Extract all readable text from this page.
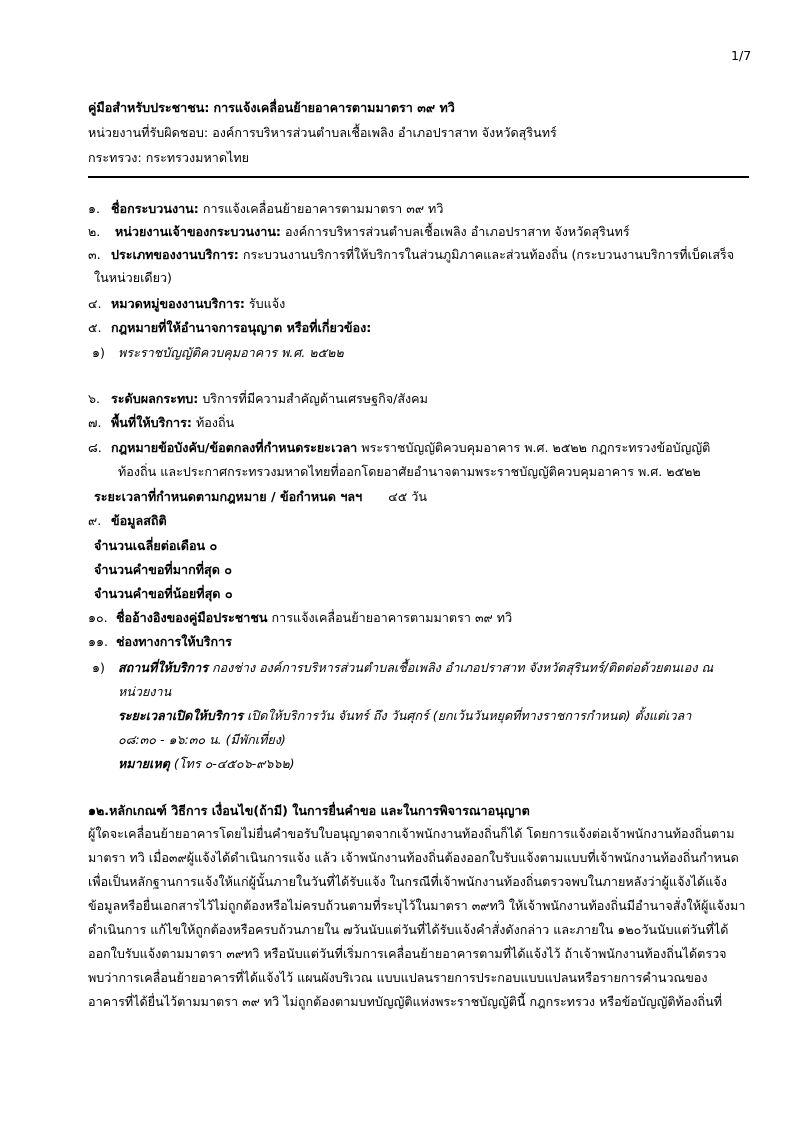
1/7
คู่มือสำหรับประชาชน: การแจ้งเคลื่อนย้ายอาคารตามมาตรา ๓๙ ทวิ
หน่วยงานที่รับผิดชอบ: องค์การบริหารส่วนตำบลเชื้อเพลิง อำเภอปราสาท จังหวัดสุรินทร์
กระทรวง: กระทรวงมหาดไทย
๑. ชื่อกระบวนงาน: การแจ้งเคลื่อนย้ายอาคารตามมาตรา ๓๙ ทวิ
๒. หน่วยงานเจ้าของกระบวนงาน: องค์การบริหารส่วนตำบลเชื้อเพลิง อำเภอปราสาท จังหวัดสุรินทร์
๓. ประเภทของงานบริการ: กระบวนงานบริการที่ให้บริการในส่วนภูมิภาคและส่วนท้องถิ่น (กระบวนงานบริการที่เบ็ดเสร็จ
ในหน่วยเดียว)
๔. หมวดหมู่ของงานบริการ: รับแจ้ง
๕. กฎหมายที่ให้อำนาจการอนุญาต หรือที่เกี่ยวข้อง:
๑) พระราชบัญญัติควบคุมอาคาร พ.ศ. ๒๕๒๒
๖. ระดับผลกระทบ: บริการที่มีความสำคัญด้านเศรษฐกิจ/สังคม
๗. พื้นที่ให้บริการ: ท้องถิ่น
๘. กฎหมายข้อบังคับ/ข้อตกลงที่กำหนดระยะเวลา พระราชบัญญัติควบคุมอาคาร พ.ศ. ๒๕๒๒ กฎกระทรวงข้อบัญญัติ
ท้องถิ่น และประกาศกระทรวงมหาดไทยที่ออกโดยอาศัยอำนาจตามพระราชบัญญัติควบคุมอาคาร พ.ศ. ๒๕๒๒
ระยะเวลาที่กำหนดตามกฎหมาย / ข้อกำหนด ฯลฯ ๔๕ วัน
๙. ข้อมูลสถิติ
จำนวนเฉลี่ยต่อเดือน ๐
จำนวนคำขอที่มากที่สุด ๐
จำนวนคำขอที่น้อยที่สุด ๐
๑๐. ชื่ออ้างอิงของคู่มือประชาชน การแจ้งเคลื่อนย้ายอาคารตามมาตรา ๓๙ ทวิ
๑๑. ช่องทางการให้บริการ
๑) สถานที่ให้บริการ กองช่าง องค์การบริหารส่วนตำบลเชื้อเพลิง อำเภอปราสาท จังหวัดสุรินทร์/ติดต่อด้วยตนเอง ณ
หน่วยงาน
ระยะเวลาเปิดให้บริการ เปิดให้บริการวัน จันทร์ ถึง วันศุกร์ (ยกเว้นวันหยุดที่ทางราชการกำหนด) ตั้งแต่เวลา
๐๘:๓๐ - ๑๖:๓๐ น. (มีพักเที่ยง)
หมายเหตุ (โทร ๐-๔๕๐๖-๙๖๖๒)
๑๒.หลักเกณฑ์ วิธีการ เงื่อนไข(ถ้ามี) ในการยื่นคำขอ และในการพิจารณาอนุญาต
ผู้ใดจะเคลื่อนย้ายอาคารโดยไม่ยื่นคำขอรับใบอนุญาตจากเจ้าพนักงานท้องถิ่นก็ได้ โดยการแจ้งต่อเจ้าพนักงานท้องถิ่นตาม
มาตรา ทวิ เมื่อ๓๙ผู้แจ้งได้ดำเนินการแจ้ง แล้ว เจ้าพนักงานท้องถิ่นต้องออกใบรับแจ้งตามแบบที่เจ้าพนักงานท้องถิ่นกำหนด
เพื่อเป็นหลักฐานการแจ้งให้แก่ผู้นั้นภายในวันที่ได้รับแจ้ง ในกรณีที่เจ้าพนักงานท้องถิ่นตรวจพบในภายหลังว่าผู้แจ้งได้แจ้ง
ข้อมูลหรือยื่นเอกสารไว้ไม่ถูกต้องหรือไม่ครบถ้วนตามที่ระบุไว้ในมาตรา ๓๙ทวิ ให้เจ้าพนักงานท้องถิ่นมีอำนาจสั่งให้ผู้แจ้งมา
ดำเนินการ แก้ไขให้ถูกต้องหรือครบถ้วนภายใน ๗วันนับแต่วันที่ได้รับแจ้งคำสั่งดังกล่าว และภายใน ๑๒๐วันนับแต่วันที่ได้
ออกใบรับแจ้งตามมาตรา ๓๙ทวิ หรือนับแต่วันที่เริ่มการเคลื่อนย้ายอาคารตามที่ได้แจ้งไว้ ถ้าเจ้าพนักงานท้องถิ่นได้ตรวจ
พบว่าการเคลื่อนย้ายอาคารที่ได้แจ้งไว้ แผนผังบริเวณ แบบแปลนรายการประกอบแบบแปลนหรือรายการคำนวณของ
อาคารที่ได้ยื่นไว้ตามมาตรา ๓๙ ทวิ ไม่ถูกต้องตามบทบัญญัติแห่งพระราชบัญญัตินี้ กฎกระทรวง หรือข้อบัญญัติท้องถิ่นที่
